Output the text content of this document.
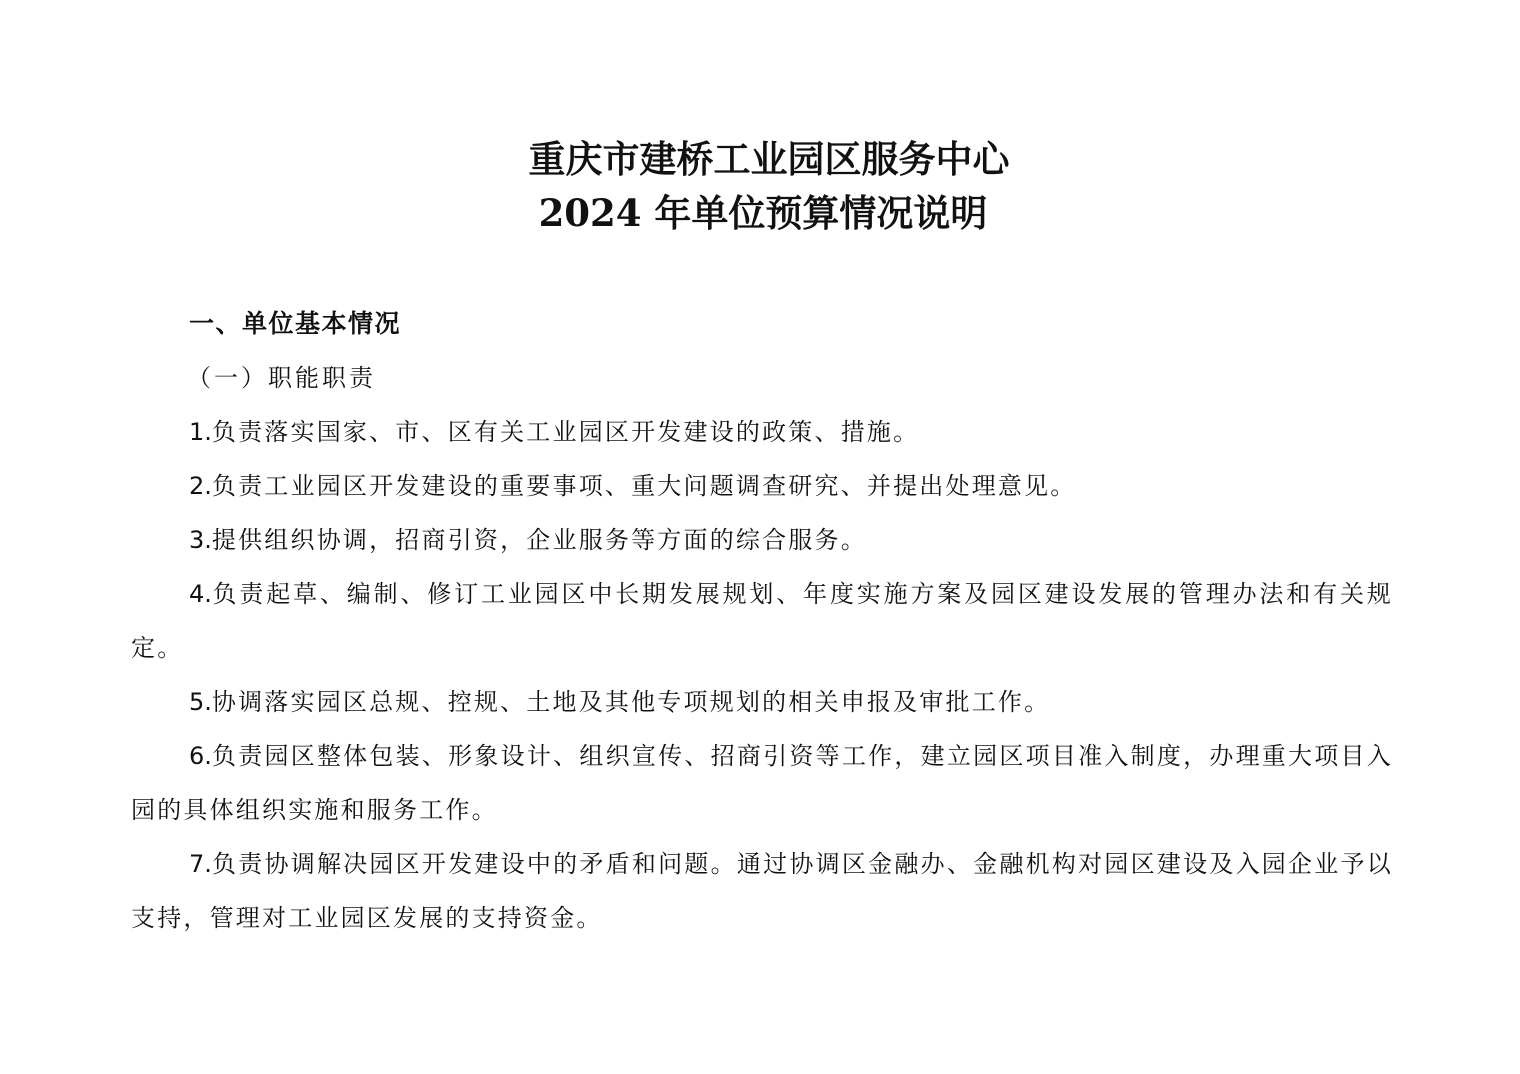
重庆市建桥工业园区服务中心
2024 年单位预算情况说明
一、单位基本情况
（一）职能职责

1.负责落实国家、市、区有关工业园区开发建设的政策、措施。

2.负责工业园区开发建设的重要事项、重大问题调查研究、并提出处理意见。

3.提供组织协调，招商引资，企业服务等方面的综合服务。

4.负责起草、编制、修订工业园区中长期发展规划、年度实施方案及园区建设发展的管理办法和有关规定。

5.协调落实园区总规、控规、土地及其他专项规划的相关申报及审批工作。

6.负责园区整体包装、形象设计、组织宣传、招商引资等工作，建立园区项目准入制度，办理重大项目入园的具体组织实施和服务工作。

7.负责协调解决园区开发建设中的矛盾和问题。通过协调区金融办、金融机构对园区建设及入园企业予以支持，管理对工业园区发展的支持资金。
